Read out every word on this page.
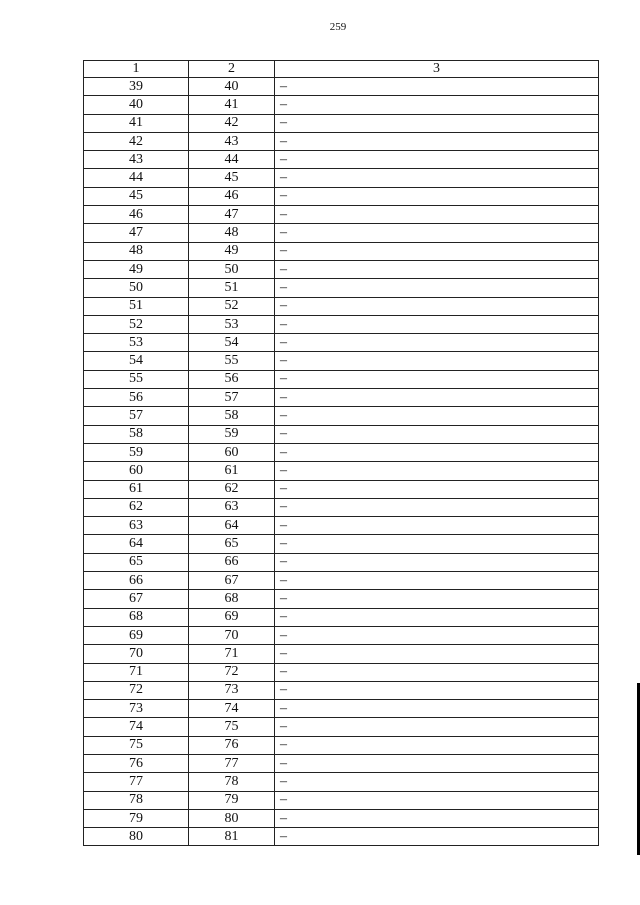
259
1	2	3
39	40	–
40	41	–
41	42	–
42	43	–
43	44	–
44	45	–
45	46	–
46	47	–
47	48	–
48	49	–
49	50	–
50	51	–
51	52	–
52	53	–
53	54	–
54	55	–
55	56	–
56	57	–
57	58	–
58	59	–
59	60	–
60	61	–
61	62	–
62	63	–
63	64	–
64	65	–
65	66	–
66	67	–
67	68	–
68	69	–
69	70	–
70	71	–
71	72	–
72	73	–
73	74	–
74	75	–
75	76	–
76	77	–
77	78	–
78	79	–
79	80	–
80	81	–
